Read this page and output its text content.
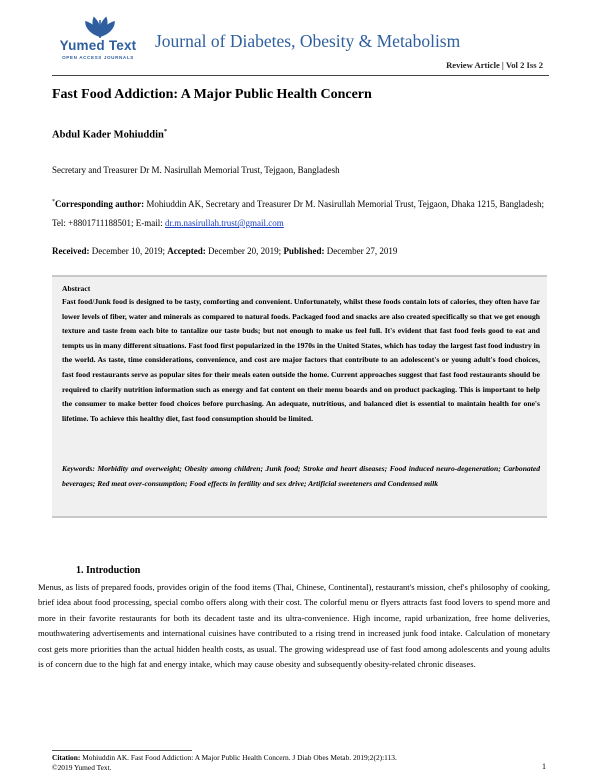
Yumed Text
OPEN ACCESS JOURNALS
Journal of Diabetes, Obesity & Metabolism
Review Article | Vol 2 Iss 2
Fast Food Addiction: A Major Public Health Concern
Abdul Kader Mohiuddin*
Secretary and Treasurer Dr M. Nasirullah Memorial Trust, Tejgaon, Bangladesh
*Corresponding author: Mohiuddin AK, Secretary and Treasurer Dr M. Nasirullah Memorial Trust, Tejgaon, Dhaka 1215, Bangladesh; Tel: +8801711188501; E-mail: dr.m.nasirullah.trust@gmail.com
Received: December 10, 2019; Accepted: December 20, 2019; Published: December 27, 2019
Abstract
Fast food/Junk food is designed to be tasty, comforting and convenient. Unfortunately, whilst these foods contain lots of calories, they often have far lower levels of fiber, water and minerals as compared to natural foods. Packaged food and snacks are also created specifically so that we get enough texture and taste from each bite to tantalize our taste buds; but not enough to make us feel full. It's evident that fast food feels good to eat and tempts us in many different situations. Fast food first popularized in the 1970s in the United States, which has today the largest fast food industry in the world. As taste, time considerations, convenience, and cost are major factors that contribute to an adolescent's or young adult's food choices, fast food restaurants serve as popular sites for their meals eaten outside the home. Current approaches suggest that fast food restaurants should be required to clarify nutrition information such as energy and fat content on their menu boards and on product packaging. This is important to help the consumer to make better food choices before purchasing. An adequate, nutritious, and balanced diet is essential to maintain health for one's lifetime. To achieve this healthy diet, fast food consumption should be limited.
Keywords: Morbidity and overweight; Obesity among children; Junk food; Stroke and heart diseases; Food induced neuro-degeneration; Carbonated beverages; Red meat over-consumption; Food effects in fertility and sex drive; Artificial sweeteners and Condensed milk
1. Introduction
Menus, as lists of prepared foods, provides origin of the food items (Thai, Chinese, Continental), restaurant's mission, chef's philosophy of cooking, brief idea about food processing, special combo offers along with their cost. The colorful menu or flyers attracts fast food lovers to spend more and more in their favorite restaurants for both its decadent taste and its ultra-convenience. High income, rapid urbanization, free home deliveries, mouthwatering advertisements and international cuisines have contributed to a rising trend in increased junk food intake. Calculation of monetary cost gets more priorities than the actual hidden health costs, as usual. The growing widespread use of fast food among adolescents and young adults is of concern due to the high fat and energy intake, which may cause obesity and subsequently obesity-related chronic diseases.
Citation: Mohiuddin AK. Fast Food Addiction: A Major Public Health Concern. J Diab Obes Metab. 2019;2(2):113.
©2019 Yumed Text.	1
